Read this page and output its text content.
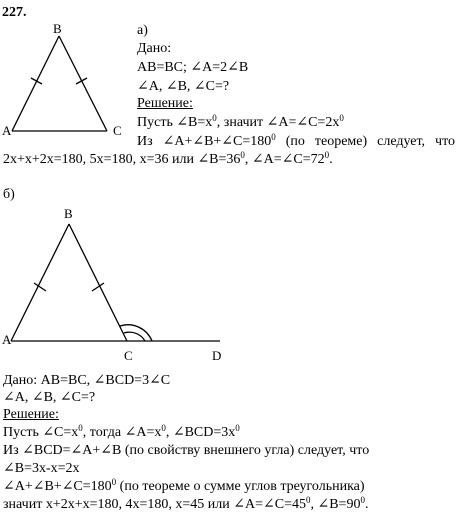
227.
B
A	C
а)
Дано:
AB=BC; ∠A=2∠B
∠A, ∠B, ∠C=?
Решение:
Пусть $\angle B=x^0$, значит $\angle A=\angle C=2x^0$
Из $\angle A+\angle B+\angle C=180^0$ (по теореме) следует, что
2x+x+2x=180, 5x=180, x=36 или $\angle B=36^0$, $\angle A=\angle C=72^0$.
б)
B
A
C	D
Дано: AB=BC, ∠BCD=3∠C
∠A, ∠B, ∠C=?
Решение:
Пусть $\angle C=x^0$, тогда $\angle A=x^0$, $\angle BCD=3x^0$
Из ∠BCD=∠A+∠B (по свойству внешнего угла) следует, что
∠B=3x-x=2x
$\angle A+\angle B+\angle C=180^0$ (по теореме о сумме углов треугольника)
значит x+2x+x=180, 4x=180, x=45 или $\angle A=\angle C=45^0$, $\angle B=90^0$.
